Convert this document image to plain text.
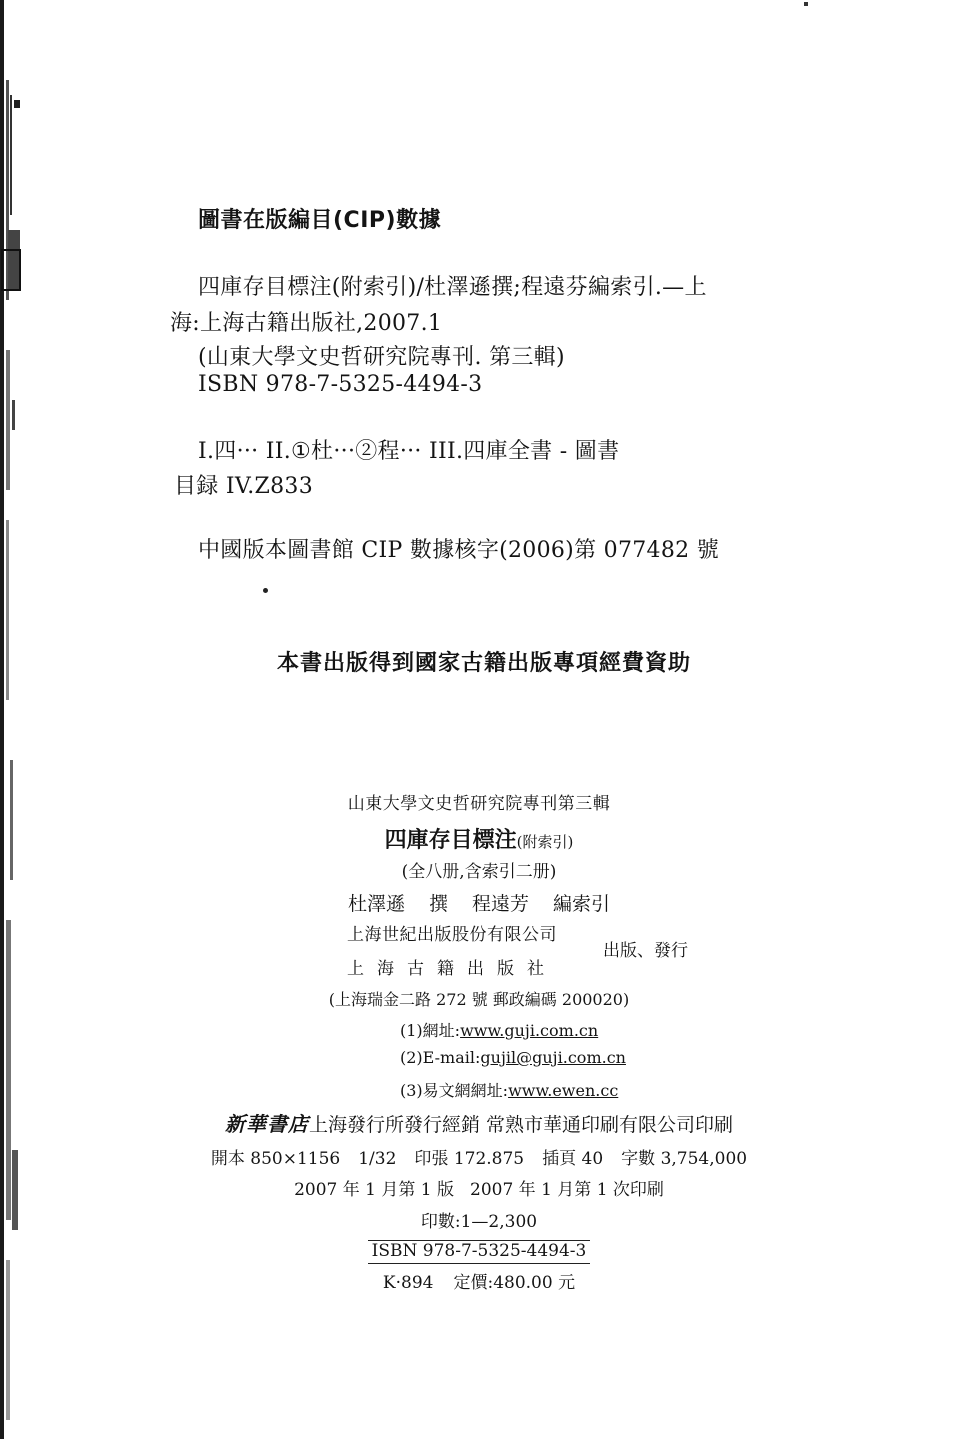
圖書在版編目(CIP)數據
四庫存目標注(附索引)/杜澤遜撰;程遠芬編索引.—上
海:上海古籍出版社,2007.1
(山東大學文史哲研究院專刊. 第三輯)
ISBN 978-7-5325-4494-3
I.四··· II.①杜···②程··· III.四庫全書 - 圖書
目録 IV.Z833
中國版本圖書館 CIP 數據核字(2006)第 077482 號
本書出版得到國家古籍出版專項經費資助
山東大學文史哲研究院專刊第三輯
四庫存目標注(附索引)
(全八册,含索引二册)
杜澤遜 撰 程遠芳 編索引
上海世紀出版股份有限公司
上海古籍出版社
出版、發行
(上海瑞金二路 272 號 郵政編碼 200020)
(1)網址:www.guji.com.cn
(2)E-mail:gujil@guji.com.cn
(3)易文網網址:www.ewen.cc
新華書店上海發行所發行經銷 常熟市華通印刷有限公司印刷
開本 850×1156 1/32 印張 172.875 插頁 40 字數 3,754,000
2007 年 1 月第 1 版 2007 年 1 月第 1 次印刷
印數:1—2,300
ISBN 978-7-5325-4494-3
K·894 定價:480.00 元
